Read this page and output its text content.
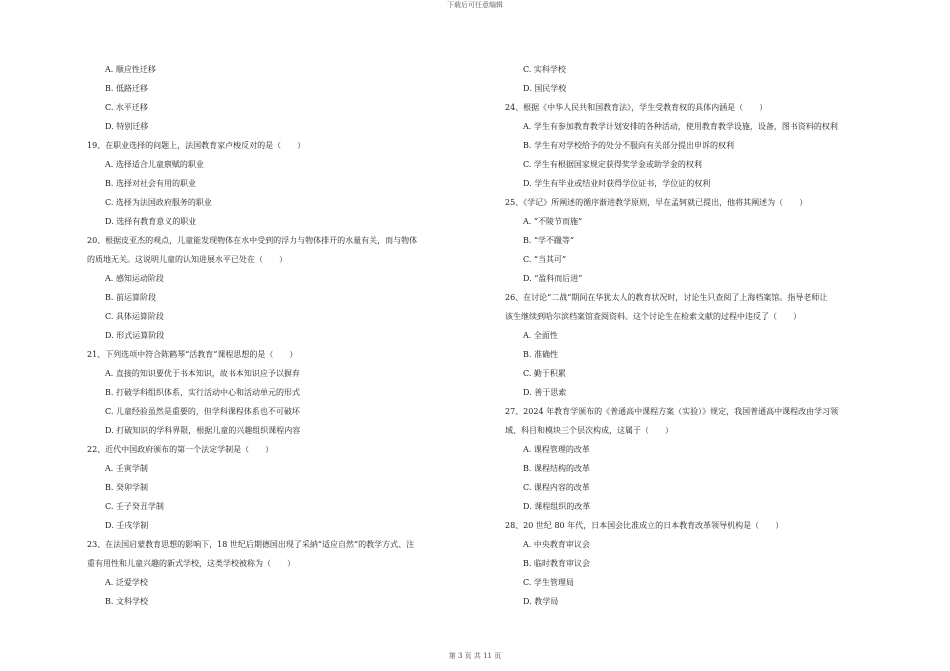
下载后可任意编辑
A. 顺应性迁移
B. 低路迁移
C. 水平迁移
D. 特别迁移
19、在职业选择的问题上，法国教育家卢梭反对的是（　　）
A. 选择适合儿童禀赋的职业
B. 选择对社会有用的职业
C. 选择为法国政府服务的职业
D. 选择有教育意义的职业
20、根据皮亚杰的观点，儿童能发现物体在水中受到的浮力与物体排开的水量有关，而与物体
的质地无关。这说明儿童的认知进展水平已处在（　　）
A. 感知运动阶段
B. 前运算阶段
C. 具体运算阶段
D. 形式运算阶段
21、下列选项中符合陈鹤琴“活教育”课程思想的是（　　）
A. 直接的知识要优于书本知识，故书本知识应予以摒弃
B. 打破学科组织体系，实行活动中心和活动单元的形式
C. 儿童经验虽然是重要的，但学科课程体系也不可破坏
D. 打破知识的学科界限，根据儿童的兴趣组织课程内容
22、近代中国政府颁布的第一个法定学制是（　　）
A. 壬寅学制
B. 癸卯学制
C. 壬子癸丑学制
D. 壬戌学制
23、在法国启蒙教育思想的影响下，18 世纪后期德国出现了采納“适应自然”的教学方式、注
重有用性和儿童兴趣的新式学校，这类学校被称为（　　）
A. 泛爱学校
B. 文科学校
C. 实科学校
D. 国民学校
24、根据《中华人民共和国教育法》，学生受教育权的具体内涵是（　　）
A. 学生有参加教育教学计划安排的各种活动，使用教育教学设施，设备，图书资料的权利
B. 学生有对学校给予的处分不服向有关部分提出申诉的权利
C. 学生有根据国家规定获得奖学金或助学金的权利
D. 学生有毕业或结业时获得学位证书，学位证的权利
25、《学记》所阐述的循序渐进教学原则，早在孟轲就已提出，他将其阐述为（　　）
A. “不陵节而施”
B. “学不躐等”
C. “当其可”
D. “盈科而后进”
26、在讨论“二战”期间在华犹太人的教育状况时，讨论生只查阅了上海档案馆。指导老师让
该生继续到哈尔滨档案馆查阅资料。这个讨论生在检索文献的过程中违反了（　　）
A. 全面性
B. 准确性
C. 勤于积累
D. 善于思索
27、2024 年教育学颁布的《普通高中课程方案（实验）》规定，我国普通高中课程改由学习领
域、科目和模块三个层次构成，这属于（　　）
A. 课程管理的改革
B. 课程结构的改革
C. 课程内容的改革
D. 课程组织的改革
28、20 世纪 80 年代，日本国会比准成立的日本教育改革领导机构是（　　）
A. 中央教育审议会
B. 临时教育审议会
C. 学生管理局
D. 教学局
第 3 页 共 11 页
